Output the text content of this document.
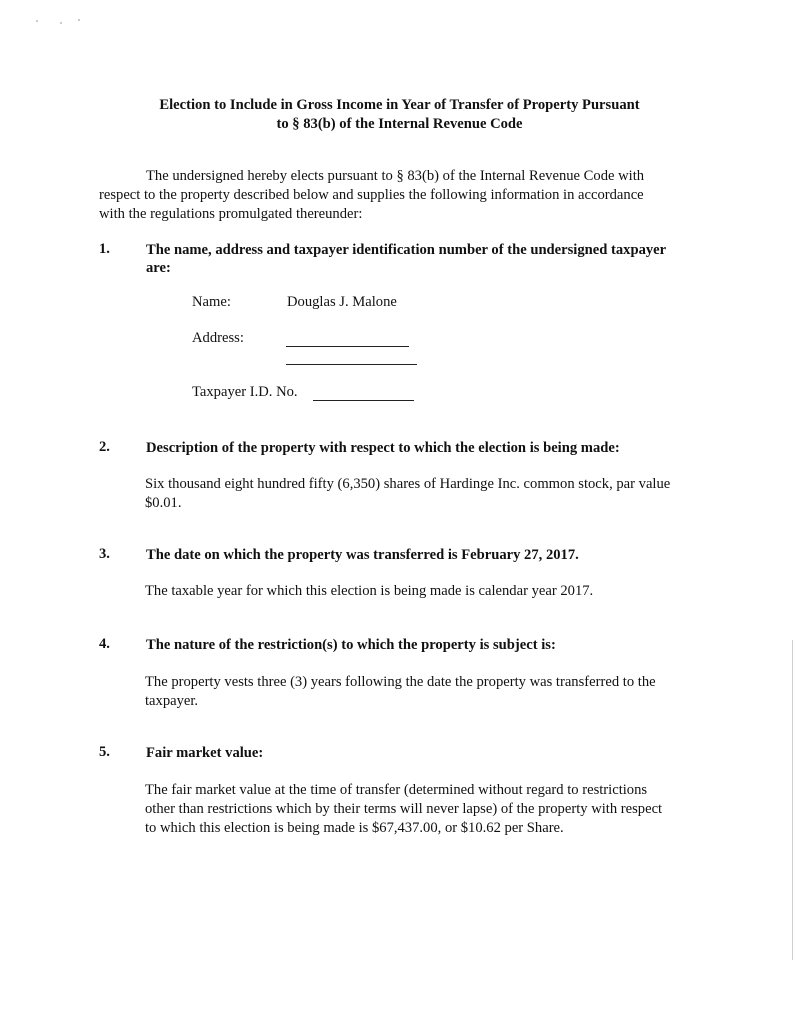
Election to Include in Gross Income in Year of Transfer of Property Pursuant
to § 83(b) of the Internal Revenue Code
The undersigned hereby elects pursuant to § 83(b) of the Internal Revenue Code with
respect to the property described below and supplies the following information in accordance
with the regulations promulgated thereunder:
1. The name, address and taxpayer identification number of the undersigned taxpayer
are:
Name:	Douglas J. Malone
Address:
Taxpayer I.D. No.
2. Description of the property with respect to which the election is being made:
Six thousand eight hundred fifty (6,350) shares of Hardinge Inc. common stock, par value
$0.01.
3. The date on which the property was transferred is February 27, 2017.
The taxable year for which this election is being made is calendar year 2017.
4. The nature of the restriction(s) to which the property is subject is:
The property vests three (3) years following the date the property was transferred to the
taxpayer.
5. Fair market value:
The fair market value at the time of transfer (determined without regard to restrictions
other than restrictions which by their terms will never lapse) of the property with respect
to which this election is being made is $67,437.00, or $10.62 per Share.
